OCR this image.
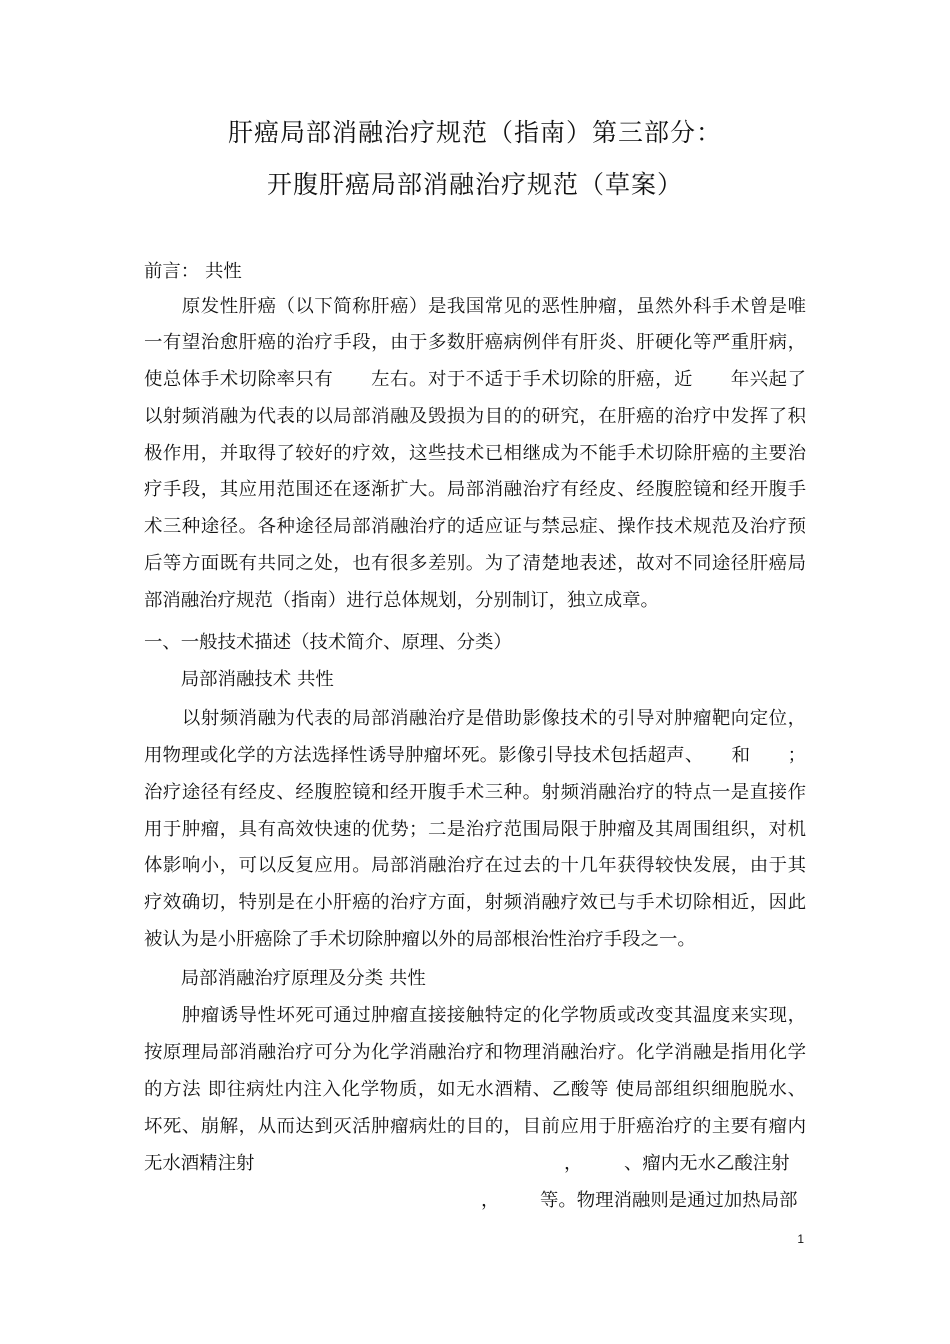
肝癌局部消融治疗规范（指南）第三部分：
开腹肝癌局部消融治疗规范（草案）
前言： 共性
　　原发性肝癌（以下简称肝癌）是我国常见的恶性肿瘤，虽然外科手术曾是唯
一有望治愈肝癌的治疗手段，由于多数肝癌病例伴有肝炎、肝硬化等严重肝病，
使总体手术切除率只有　　左右。对于不适于手术切除的肝癌，近　　年兴起了
以射频消融为代表的以局部消融及毁损为目的的研究，在肝癌的治疗中发挥了积
极作用，并取得了较好的疗效，这些技术已相继成为不能手术切除肝癌的主要治
疗手段，其应用范围还在逐渐扩大。局部消融治疗有经皮、经腹腔镜和经开腹手
术三种途径。各种途径局部消融治疗的适应证与禁忌症、操作技术规范及治疗预
后等方面既有共同之处，也有很多差别。为了清楚地表述，故对不同途径肝癌局
部消融治疗规范（指南）进行总体规划，分别制订，独立成章。
一、一般技术描述（技术简介、原理、分类）
　　局部消融技术 共性
　　以射频消融为代表的局部消融治疗是借助影像技术的引导对肿瘤靶向定位，
用物理或化学的方法选择性诱导肿瘤坏死。影像引导技术包括超声、　　和　　；
治疗途径有经皮、经腹腔镜和经开腹手术三种。射频消融治疗的特点一是直接作
用于肿瘤，具有高效快速的优势；二是治疗范围局限于肿瘤及其周围组织，对机
体影响小，可以反复应用。局部消融治疗在过去的十几年获得较快发展，由于其
疗效确切，特别是在小肝癌的治疗方面，射频消融疗效已与手术切除相近，因此
被认为是小肝癌除了手术切除肿瘤以外的局部根治性治疗手段之一。
　　局部消融治疗原理及分类 共性
　　肿瘤诱导性坏死可通过肿瘤直接接触特定的化学物质或改变其温度来实现，
按原理局部消融治疗可分为化学消融治疗和物理消融治疗。化学消融是指用化学
的方法 即往病灶内注入化学物质，如无水酒精、乙酸等 使局部组织细胞脱水、
坏死、崩解，从而达到灭活肿瘤病灶的目的，目前应用于肝癌治疗的主要有瘤内
无水酒精注射	， 、瘤内无水乙酸注射
， 等。物理消融则是通过加热局部
1
